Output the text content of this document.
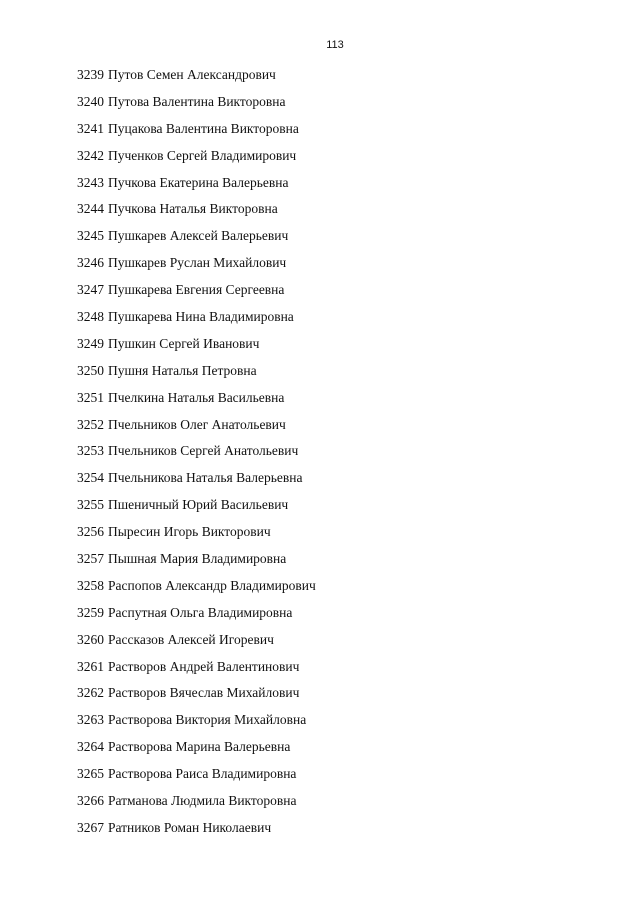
113
3239 Путов Семен Александрович
3240 Путова Валентина Викторовна
3241 Пуцакова Валентина Викторовна
3242 Пученков Сергей Владимирович
3243 Пучкова Екатерина Валерьевна
3244 Пучкова Наталья Викторовна
3245 Пушкарев Алексей Валерьевич
3246 Пушкарев Руслан Михайлович
3247 Пушкарева Евгения Сергеевна
3248 Пушкарева Нина Владимировна
3249 Пушкин Сергей Иванович
3250 Пушня Наталья Петровна
3251 Пчелкина Наталья Васильевна
3252 Пчельников Олег Анатольевич
3253 Пчельников Сергей Анатольевич
3254 Пчельникова Наталья Валерьевна
3255 Пшеничный Юрий Васильевич
3256 Пыресин Игорь Викторович
3257 Пышная Мария Владимировна
3258 Распопов Александр Владимирович
3259 Распутная Ольга Владимировна
3260 Рассказов Алексей Игоревич
3261 Растворов Андрей Валентинович
3262 Растворов Вячеслав Михайлович
3263 Растворова Виктория Михайловна
3264 Растворова Марина Валерьевна
3265 Растворова Раиса Владимировна
3266 Ратманова Людмила Викторовна
3267 Ратников Роман Николаевич
